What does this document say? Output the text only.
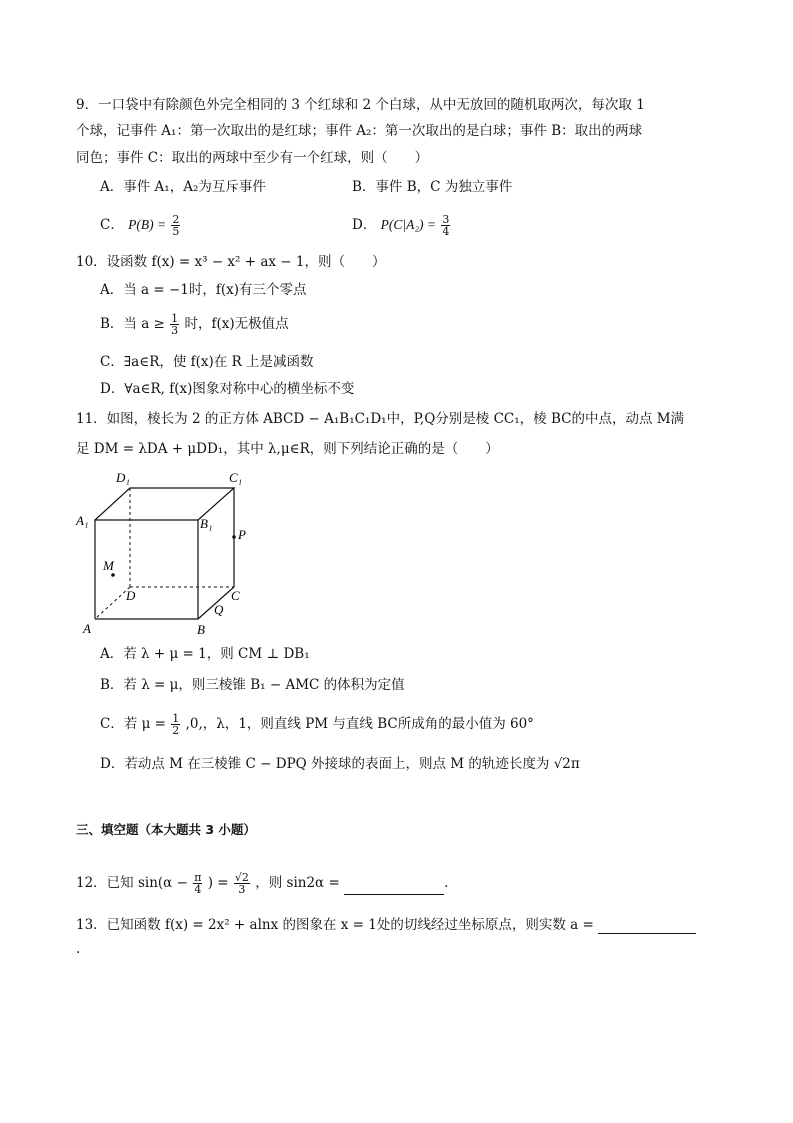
9．一口袋中有除颜色外完全相同的 3 个红球和 2 个白球，从中无放回的随机取两次，每次取 1
个球，记事件 A₁：第一次取出的是红球；事件 A₂：第一次取出的是白球；事件 B：取出的两球
同色；事件 C：取出的两球中至少有一个红球，则（　　）
A．事件 A₁，A₂为互斥事件	B．事件 B，C 为独立事件
C． $P(B) = \frac{2}{5}$	D． $P(C|A_2) = \frac{3}{4}$
10．设函数 f(x) = x³ − x² + ax − 1，则（　　）
A．当 a = −1时，f(x)有三个零点
B．当 $a \ge \frac{1}{3}$ 时，f(x)无极值点
C．∃a∈R，使 f(x)在 R 上是减函数
D．∀a∈R, f(x)图象对称中心的横坐标不变
11．如图，棱长为 2 的正方体 ABCD − A₁B₁C₁D₁中，P,Q分别是棱 CC₁，棱 BC的中点，动点 M满
足 DM = λDA + μDD₁，其中 λ,μ∈R，则下列结论正确的是（　　）
D₁	C₁
A₁	B₁
P
M
D	C
Q
A	B
A．若 λ + μ = 1，则 CM ⊥ DB₁
B．若 λ = μ，则三棱锥 B₁ − AMC 的体积为定值
C．若 $\mu = \frac{1}{2} ,0$,，λ，1，则直线 PM 与直线 BC所成角的最小值为 60°
D．若动点 M 在三棱锥 C − DPQ 外接球的表面上，则点 M 的轨迹长度为 √2π
三、填空题（本大题共 3 小题）
12．已知 $\sin(\alpha - \frac{\pi}{4}$ ) = $\frac{√2}{3}$ ，则 sin2α =	.
13．已知函数 f(x) = 2x² + alnx 的图象在 x = 1处的切线经过坐标原点，则实数 a =
.
